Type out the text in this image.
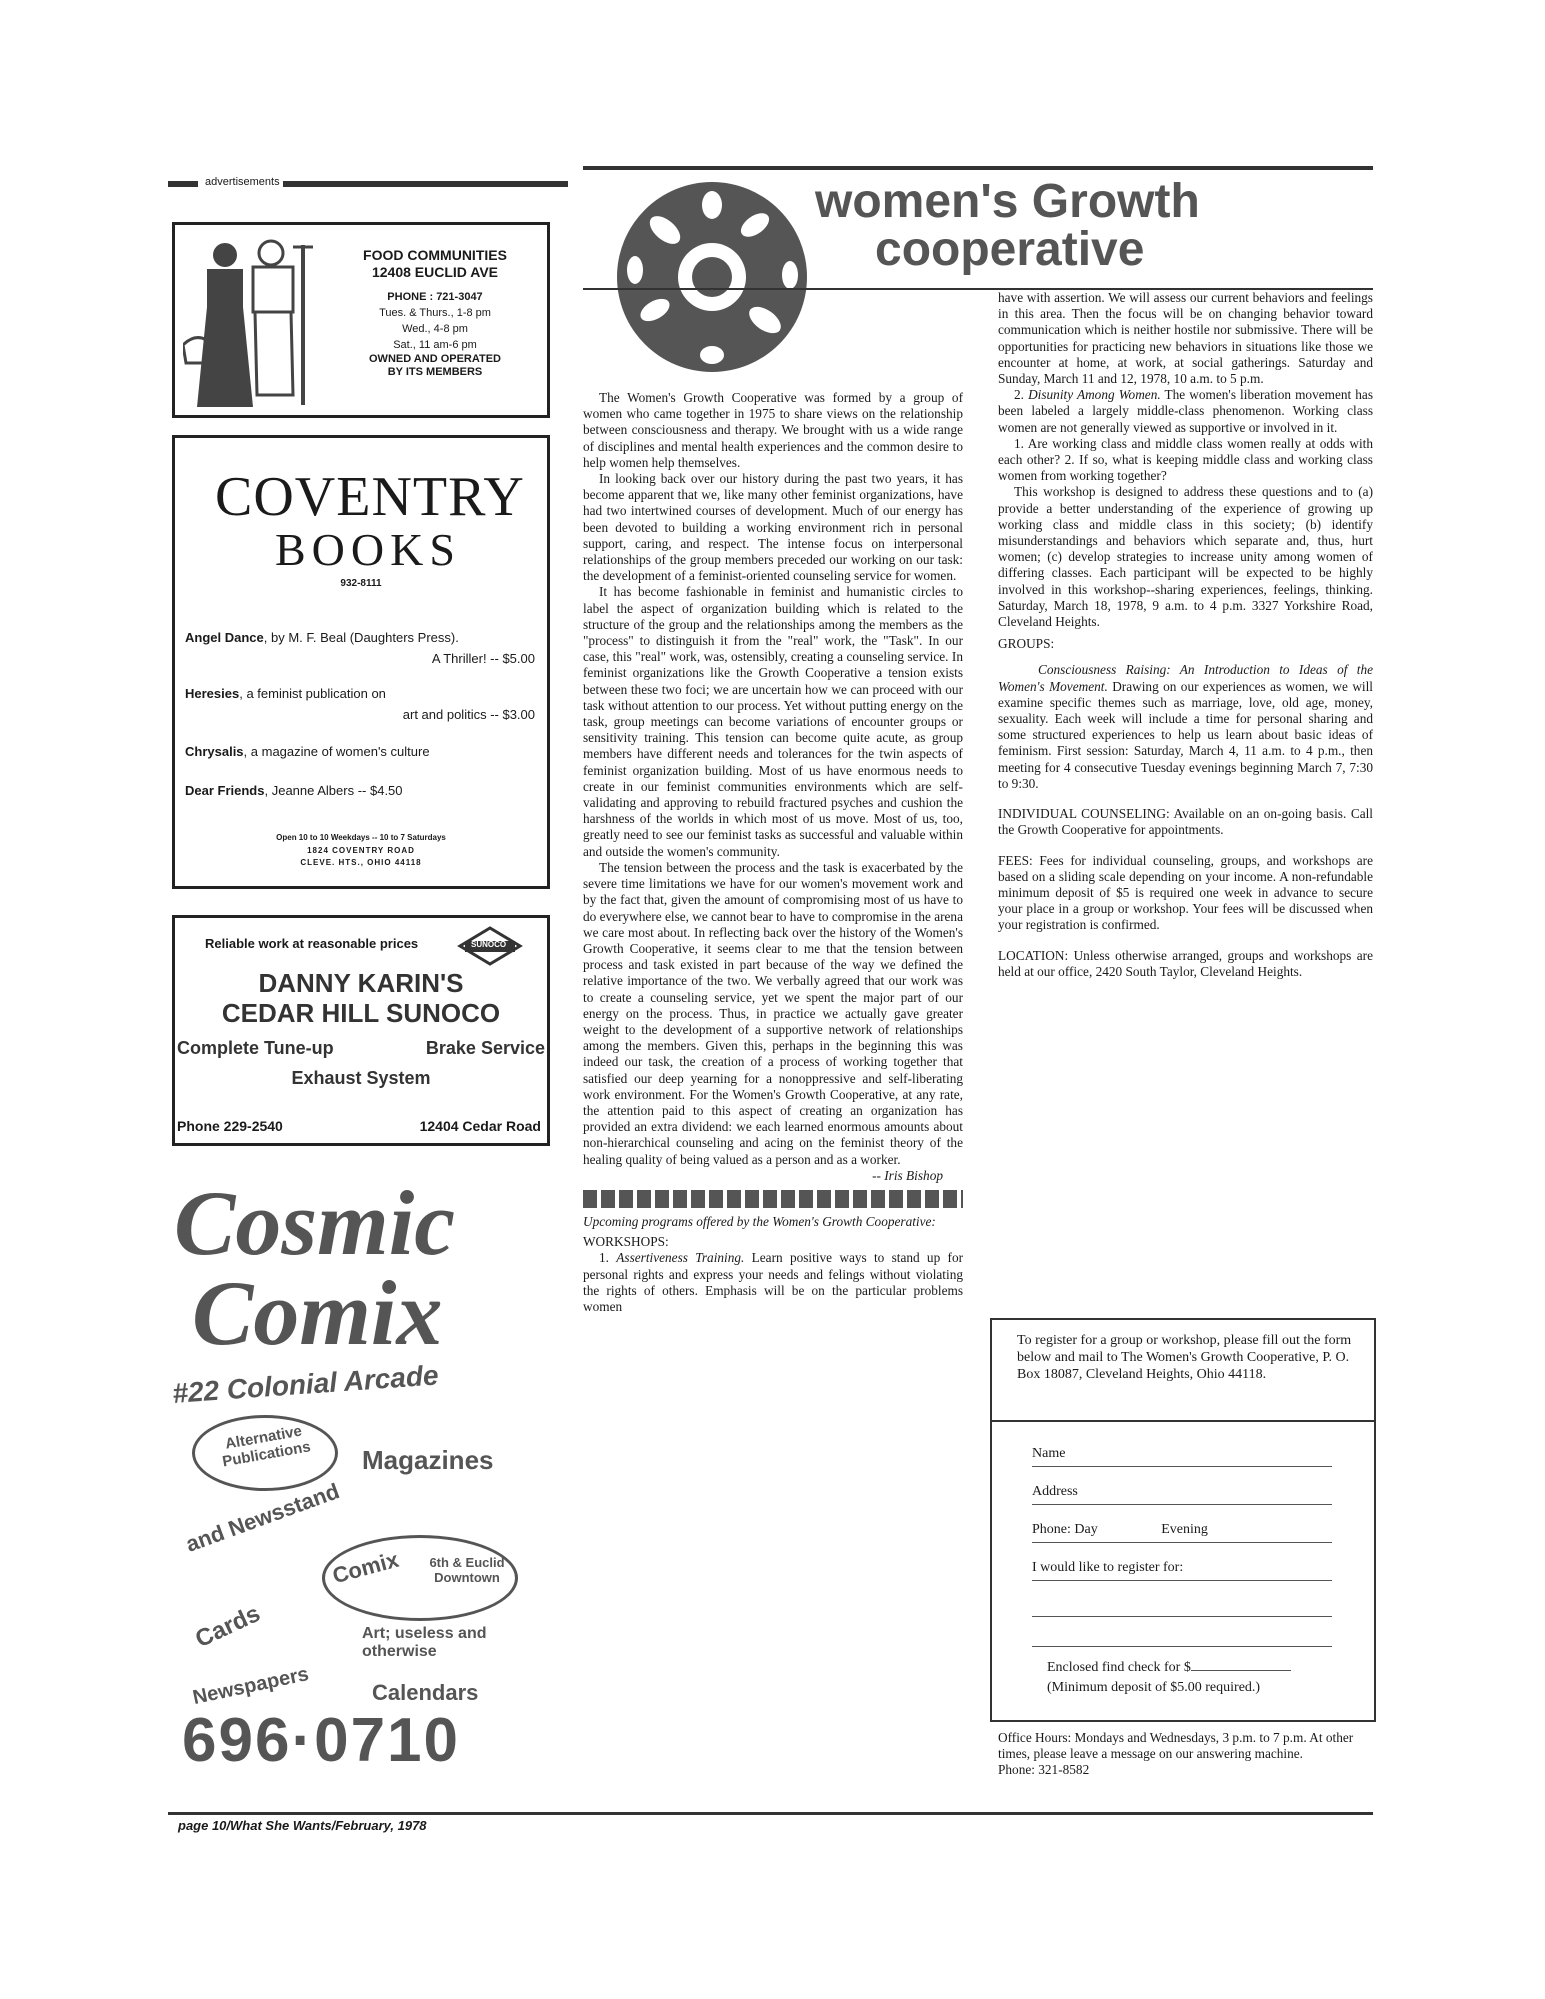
advertisements
FOOD COMMUNITIES
12408 EUCLID AVE
PHONE : 721-3047
Tues. & Thurs., 1-8 pm
Wed., 4-8 pm
Sat., 11 am-6 pm
OWNED AND OPERATED
BY ITS MEMBERS
COVENTRY
BOOKS
932-8111
Angel Dance, by M. F. Beal (Daughters Press).
A Thriller! -- $5.00
Heresies, a feminist publication on
art and politics -- $3.00
Chrysalis, a magazine of women's culture
Dear Friends, Jeanne Albers -- $4.50
Open 10 to 10 Weekdays -- 10 to 7 Saturdays
1824 COVENTRY ROAD
CLEVE. HTS., OHIO 44118
Reliable work at reasonable prices	SUNOCO
DANNY KARIN'S
CEDAR HILL SUNOCO
Complete Tune-up	Brake Service
Exhaust System
Phone 229-2540	12404 Cedar Road
Cosmic
Comix
#22 Colonial Arcade
Alternative Publications	Magazines
and Newsstand
Comix	6th & Euclid Downtown
Cards	Art; useless and otherwise
Newspapers	Calendars
696·0710
women's Growth
cooperative

The Women's Growth Cooperative was formed by a group of women who came together in 1975 to share views on the relationship between consciousness and therapy. We brought with us a wide range of disciplines and mental health experiences and the common desire to help women help themselves.

In looking back over our history during the past two years, it has become apparent that we, like many other feminist organizations, have had two intertwined courses of development. Much of our energy has been devoted to building a working environment rich in personal support, caring, and respect. The intense focus on interpersonal relationships of the group members preceded our working on our task: the development of a feminist-oriented counseling service for women.

It has become fashionable in feminist and humanistic circles to label the aspect of organization building which is related to the structure of the group and the relationships among the members as the "process" to distinguish it from the "real" work, the "Task". In our case, this "real" work, was, ostensibly, creating a counseling service. In feminist organizations like the Growth Cooperative a tension exists between these two foci; we are uncertain how we can proceed with our task without attention to our process. Yet without putting energy on the task, group meetings can become variations of encounter groups or sensitivity training. This tension can become quite acute, as group members have different needs and tolerances for the twin aspects of feminist organization building. Most of us have enormous needs to create in our feminist communities environments which are self-validating and approving to rebuild fractured psyches and cushion the harshness of the worlds in which most of us move. Most of us, too, greatly need to see our feminist tasks as successful and valuable within and outside the women's community.

The tension between the process and the task is exacerbated by the severe time limitations we have for our women's movement work and by the fact that, given the amount of compromising most of us have to do everywhere else, we cannot bear to have to compromise in the arena we care most about. In reflecting back over the history of the Women's Growth Cooperative, it seems clear to me that the tension between process and task existed in part because of the way we defined the relative importance of the two. We verbally agreed that our work was to create a counseling service, yet we spent the major part of our energy on the process. Thus, in practice we actually gave greater weight to the development of a supportive network of relationships among the members. Given this, perhaps in the beginning this was indeed our task, the creation of a process of working together that satisfied our deep yearning for a nonoppressive and self-liberating work environment. For the Women's Growth Cooperative, at any rate, the attention paid to this aspect of creating an organization has provided an extra dividend: we each learned enormous amounts about non-hierarchical counseling and acing on the feminist theory of the healing quality of being valued as a person and as a worker.

-- Iris Bishop
Upcoming programs offered by the Women's Growth Cooperative:
WORKSHOPS:

1. Assertiveness Training. Learn positive ways to stand up for personal rights and express your needs and felings without violating the rights of others. Emphasis will be on the particular problems women

have with assertion. We will assess our current behaviors and feelings in this area. Then the focus will be on changing behavior toward communication which is neither hostile nor submissive. There will be opportunities for practicing new behaviors in situations like those we encounter at home, at work, at social gatherings. Saturday and Sunday, March 11 and 12, 1978, 10 a.m. to 5 p.m.

2. Disunity Among Women. The women's liberation movement has been labeled a largely middle-class phenomenon. Working class women are not generally viewed as supportive or involved in it.

1. Are working class and middle class women really at odds with each other? 2. If so, what is keeping middle class and working class women from working together?

This workshop is designed to address these questions and to (a) provide a better understanding of the experience of growing up working class and middle class in this society; (b) identify misunderstandings and behaviors which separate and, thus, hurt women; (c) develop strategies to increase unity among women of differing classes. Each participant will be expected to be highly involved in this workshop--sharing experiences, feelings, thinking. Saturday, March 18, 1978, 9 a.m. to 4 p.m. 3327 Yorkshire Road, Cleveland Heights.

GROUPS:

Consciousness Raising: An Introduction to Ideas of the Women's Movement. Drawing on our experiences as women, we will examine specific themes such as marriage, love, old age, money, sexuality. Each week will include a time for personal sharing and some structured experiences to help us learn about basic ideas of feminism. First session: Saturday, March 4, 11 a.m. to 4 p.m., then meeting for 4 consecutive Tuesday evenings beginning March 7, 7:30 to 9:30.

INDIVIDUAL COUNSELING: Available on an on-going basis. Call the Growth Cooperative for appointments.

FEES: Fees for individual counseling, groups, and workshops are based on a sliding scale depending on your income. A non-refundable minimum deposit of $5 is required one week in advance to secure your place in a group or workshop. Your fees will be discussed when your registration is confirmed.

LOCATION: Unless otherwise arranged, groups and workshops are held at our office, 2420 South Taylor, Cleveland Heights.

To register for a group or workshop, please fill out the form below and mail to The Women's Growth Cooperative, P. O. Box 18087, Cleveland Heights, Ohio 44118.
Name
Address
Phone: Day	Evening
I would like to register for:
Enclosed find check for $
(Minimum deposit of $5.00 required.)
Office Hours: Mondays and Wednesdays, 3 p.m. to 7 p.m. At other times, please leave a message on our answering machine.
Phone: 321-8582
page 10/What She Wants/February, 1978
